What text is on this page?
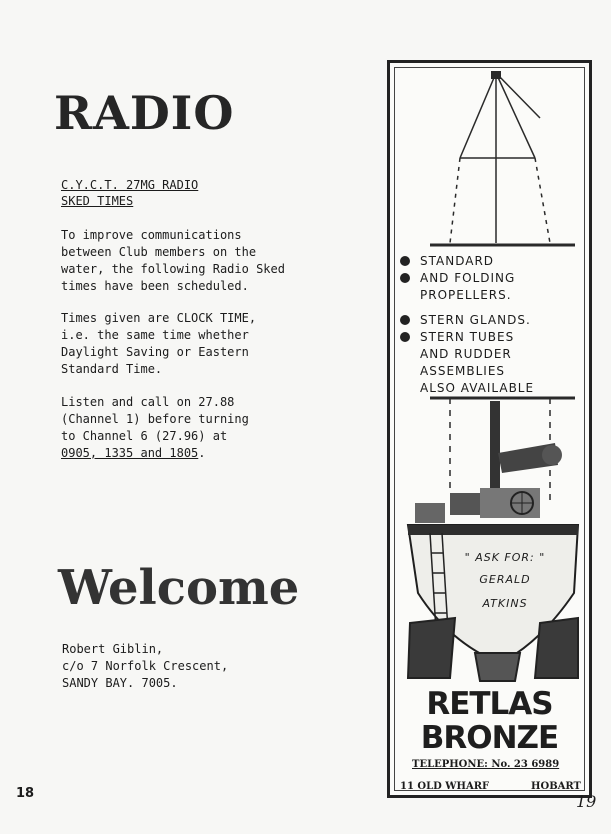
RADIO
C.Y.C.T. 27MG RADIO
SKED TIMES

To improve communications
between Club members on the
water, the following Radio Sked
times have been scheduled.

Times given are CLOCK TIME,
i.e. the same time whether
Daylight Saving or Eastern
Standard Time.

Listen and call on 27.88
(Channel 1) before turning
to Channel 6 (27.96) at
0905, 1335 and 1805.

Welcome
Robert Giblin,
c/o 7 Norfolk Crescent,
SANDY BAY. 7005.
18
STANDARD
AND FOLDING
PROPELLERS.
STERN GLANDS.
STERN TUBES
AND RUDDER
ASSEMBLIES
ALSO AVAILABLE
" ASK FOR: "
GERALD
ATKINS
RETLAS
BRONZE
TELEPHONE: No. 23 6989
11 OLD WHARF	HOBART
19
